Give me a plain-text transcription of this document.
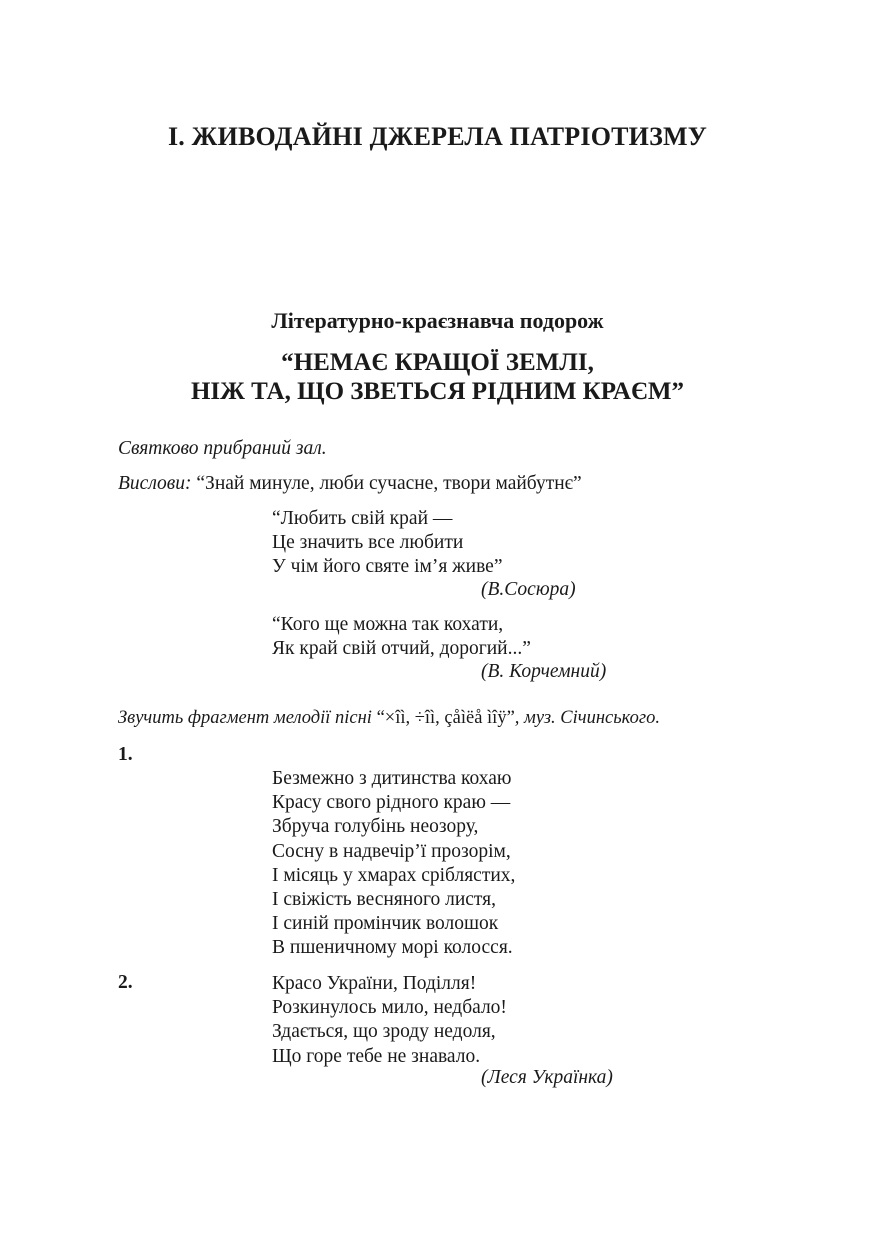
І. ЖИВОДАЙНІ ДЖЕРЕЛА ПАТРІОТИЗМУ
Літературно-краєзнавча подорож
“НЕМАЄ КРАЩОЇ ЗЕМЛІ,
НІЖ ТА, ЩО ЗВЕТЬСЯ РІДНИМ КРАЄМ”
Святково прибраний зал.
Вислови: “Знай минуле, люби сучасне, твори майбутнє”
“Любить свій край —
Це значить все любити
У чім його святе ім’я живе”
(В.Сосюра)
“Кого ще можна так кохати,
Як край свій отчий, дорогий...”
(В. Корчемний)
Звучить фрагмент мелодії пісні “×îì, ÷îì, çåìëå ìîÿ”, муз. Січинського.
1.
Безмежно з дитинства кохаю
Красу свого рідного краю —
Збруча голубінь неозору,
Сосну в надвечір’ї прозорім,
І місяць у хмарах сріблястих,
І свіжість весняного листя,
І синій промінчик волошок
В пшеничному морі колосся.
2.	Красо України, Поділля!
Розкинулось мило, недбало!
Здається, що зроду недоля,
Що горе тебе не знавало.
(Леся Українка)
